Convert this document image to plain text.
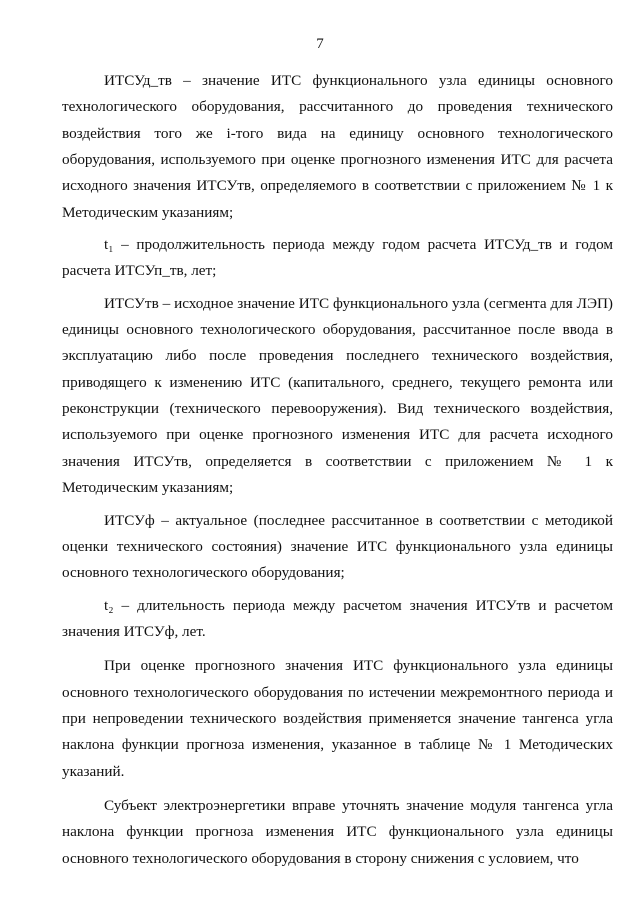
7

ИТСУд_тв – значение ИТС функционального узла единицы основного технологического оборудования, рассчитанного до проведения технического воздействия того же i-того вида на единицу основного технологического оборудования, используемого при оценке прогнозного изменения ИТС для расчета исходного значения ИТСУтв, определяемого в соответствии с приложением № 1 к Методическим указаниям;

t₁ – продолжительность периода между годом расчета ИТСУд_тв и годом расчета ИТСУп_тв, лет;

ИТСУтв – исходное значение ИТС функционального узла (сегмента для ЛЭП) единицы основного технологического оборудования, рассчитанное после ввода в эксплуатацию либо после проведения последнего технического воздействия, приводящего к изменению ИТС (капитального, среднего, текущего ремонта или реконструкции (технического перевооружения). Вид технического воздействия, используемого при оценке прогнозного изменения ИТС для расчета исходного значения ИТСУтв, определяется в соответствии с приложением № 1 к Методическим указаниям;

ИТСУф – актуальное (последнее рассчитанное в соответствии с методикой оценки технического состояния) значение ИТС функционального узла единицы основного технологического оборудования;

t₂ – длительность периода между расчетом значения ИТСУтв и расчетом значения ИТСУф, лет.

При оценке прогнозного значения ИТС функционального узла единицы основного технологического оборудования по истечении межремонтного периода и при непроведении технического воздействия применяется значение тангенса угла наклона функции прогноза изменения, указанное в таблице № 1 Методических указаний.

Субъект электроэнергетики вправе уточнять значение модуля тангенса угла наклона функции прогноза изменения ИТС функционального узла единицы основного технологического оборудования в сторону снижения с условием, что
